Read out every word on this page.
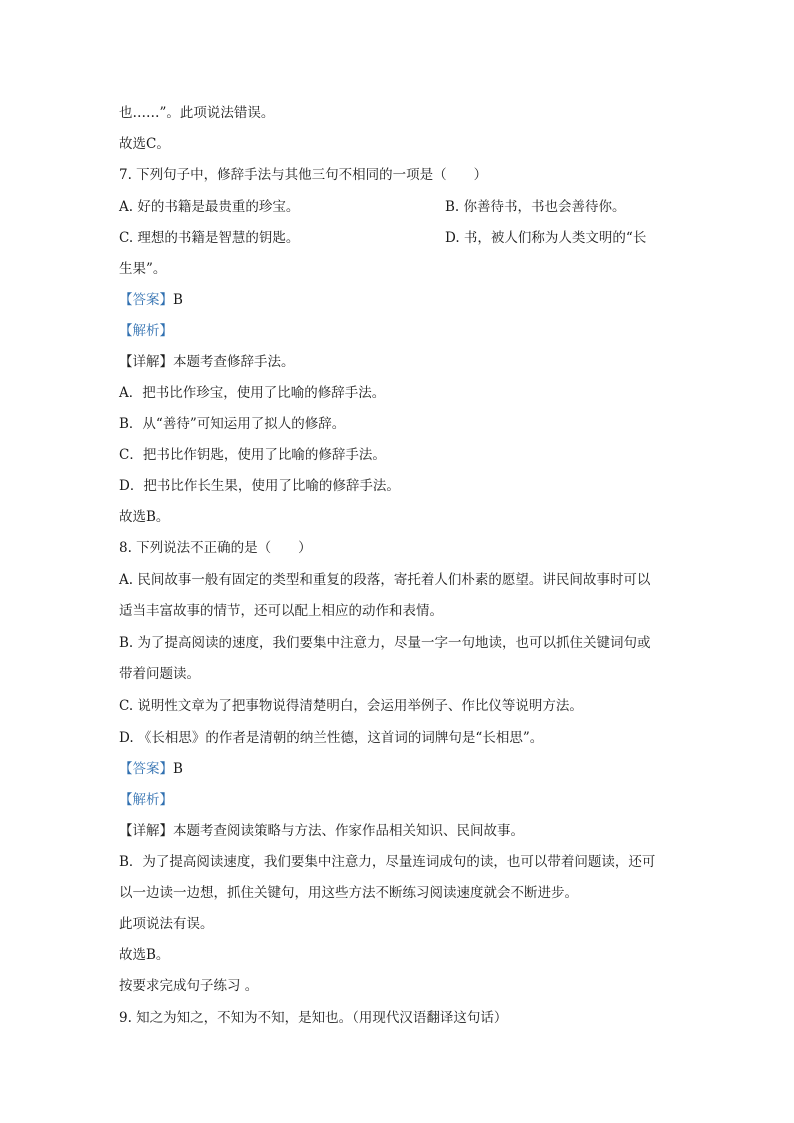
也……”。此项说法错误。
故选C。
7. 下列句子中，修辞手法与其他三句不相同的一项是（　　）
A. 好的书籍是最贵重的珍宝。	B. 你善待书，书也会善待你。
C. 理想的书籍是智慧的钥匙。	D. 书，被人们称为人类文明的“长
生果”。
【答案】B
【解析】
【详解】本题考查修辞手法。
A．把书比作珍宝，使用了比喻的修辞手法。
B．从“善待”可知运用了拟人的修辞。
C．把书比作钥匙，使用了比喻的修辞手法。
D．把书比作长生果，使用了比喻的修辞手法。
故选B。
8. 下列说法不正确的是（　　）
A. 民间故事一般有固定的类型和重复的段落，寄托着人们朴素的愿望。讲民间故事时可以
适当丰富故事的情节，还可以配上相应的动作和表情。
B. 为了提高阅读的速度，我们要集中注意力，尽量一字一句地读，也可以抓住关键词句或
带着问题读。
C. 说明性文章为了把事物说得清楚明白，会运用举例子、作比仪等说明方法。
D. 《长相思》的作者是清朝的纳兰性德，这首词的词牌句是“长相思”。
【答案】B
【解析】
【详解】本题考查阅读策略与方法、作家作品相关知识、民间故事。
B．为了提高阅读速度，我们要集中注意力，尽量连词成句的读，也可以带着问题读，还可
以一边读一边想，抓住关键句，用这些方法不断练习阅读速度就会不断进步。
此项说法有误。
故选B。
按要求完成句子练习 。
9. 知之为知之，不知为不知，是知也。（用现代汉语翻译这句话）
